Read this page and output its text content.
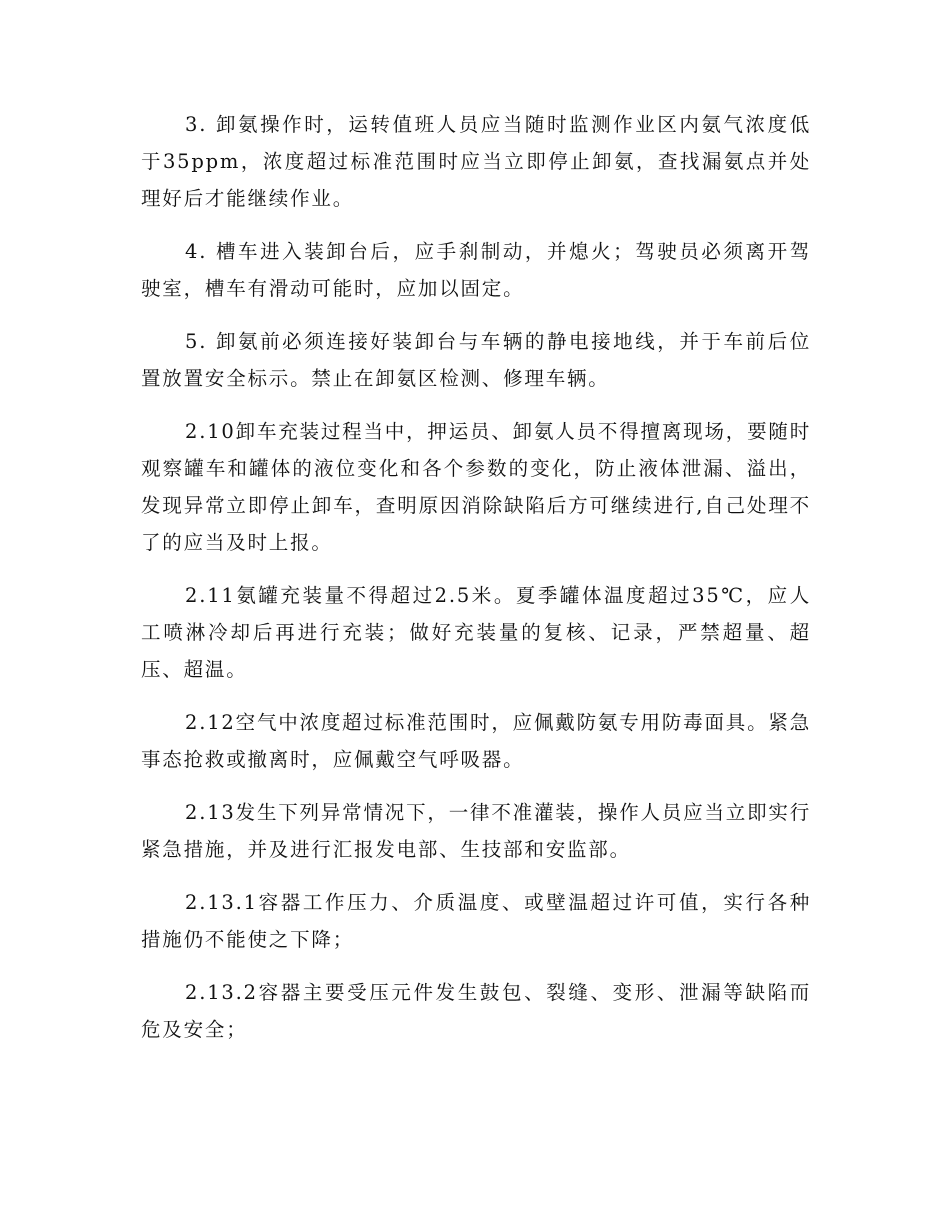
3. 卸氨操作时，运转值班人员应当随时监测作业区内氨气浓度低于35ppm，浓度超过标准范围时应当立即停止卸氨，查找漏氨点并处理好后才能继续作业。

4. 槽车进入装卸台后，应手刹制动，并熄火；驾驶员必须离开驾驶室，槽车有滑动可能时，应加以固定。

5. 卸氨前必须连接好装卸台与车辆的静电接地线，并于车前后位置放置安全标示。禁止在卸氨区检测、修理车辆。

2.10卸车充装过程当中，押运员、卸氨人员不得擅离现场，要随时观察罐车和罐体的液位变化和各个参数的变化，防止液体泄漏、溢出，发现异常立即停止卸车，查明原因消除缺陷后方可继续进行,自己处理不了的应当及时上报。

2.11氨罐充装量不得超过2.5米。夏季罐体温度超过35℃，应人工喷淋冷却后再进行充装；做好充装量的复核、记录，严禁超量、超压、超温。

2.12空气中浓度超过标准范围时，应佩戴防氨专用防毒面具。紧急事态抢救或撤离时，应佩戴空气呼吸器。

2.13发生下列异常情况下，一律不准灌装，操作人员应当立即实行紧急措施，并及进行汇报发电部、生技部和安监部。

2.13.1容器工作压力、介质温度、或壁温超过许可值，实行各种措施仍不能使之下降；

2.13.2容器主要受压元件发生鼓包、裂缝、变形、泄漏等缺陷而危及安全；
